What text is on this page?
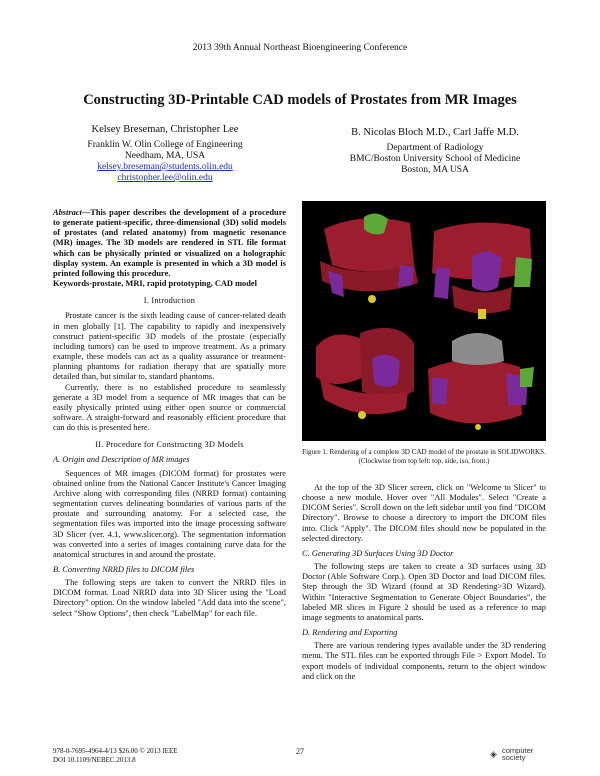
2013 39th Annual Northeast Bioengineering Conference
Constructing 3D-Printable CAD models of Prostates from MR Images
Kelsey Breseman, Christopher Lee
Franklin W. Olin College of Engineering
Needham, MA, USA
kelsey.breseman@students.olin.edu
christopher.lee@olin.edu
B. Nicolas Bloch M.D., Carl Jaffe M.D.
Department of Radiology
BMC/Boston University School of Medicine
Boston, MA USA

Abstract—This paper describes the development of a procedure to generate patient-specific, three-dimensional (3D) solid models of prostates (and related anatomy) from magnetic resonance (MR) images. The 3D models are rendered in STL file format which can be physically printed or visualized on a holographic display system. An example is presented in which a 3D model is printed following this procedure.

Keywords-prostate, MRI, rapid prototyping, CAD model

I. Introduction

Prostate cancer is the sixth leading cause of cancer-related death in men globally [1]. The capability to rapidly and inexpensively construct patient-specific 3D models of the prostate (especially including tumors) can be used to improve treatment. As a primary example, these models can act as a quality assurance or treatment-planning phantoms for radiation therapy that are spatially more detailed than, but similar to, standard phantoms.

Currently, there is no established procedure to seamlessly generate a 3D model from a sequence of MR images that can be easily physically printed using either open source or commercial software. A straight-forward and reasonably efficient procedure that can do this is presented here.

II. Procedure for Constructing 3D Models
A. Origin and Description of MR images

Sequences of MR images (DICOM format) for prostates were obtained online from the National Cancer Institute's Cancer Imaging Archive along with corresponding files (NRRD format) containing segmentation curves delineating boundaries of various parts of the prostate and surrounding anatomy. For a selected case, the segmentation files was imported into the image processing software 3D Slicer (ver. 4.1, www.slicer.org). The segmentation information was converted into a series of images containing curve data for the anatomical structures in and around the prostate.

B. Converting NRRD files to DICOM files

The following steps are taken to convert the NRRD files in DICOM format. Load NRRD data into 3D Slicer using the "Load Directory" option. On the window labeled "Add data into the scene", select "Show Options", then check "LabelMap" for each file.

Figure 1. Rendering of a complete 3D CAD model of the prostate in SOLIDWORKS. (Clockwise from top left: top, side, iso, front.)

At the top of the 3D Slicer screen, click on "Welcome to Slicer" to choose a new module. Hover over "All Modules". Select "Create a DICOM Series". Scroll down on the left sidebar until you find "DICOM Directory". Browse to choose a directory to import the DICOM files into. Click "Apply". The DICOM files should now be populated in the selected directory.

C. Generating 3D Surfaces Using 3D Doctor

The following steps are taken to create a 3D surfaces using 3D Doctor (Able Software Corp.). Open 3D Doctor and load DICOM files. Step through the 3D Wizard (found at 3D Rendering>3D Wizard). Within "Interactive Segmentation to Generate Object Boundaries", the labeled MR slices in Figure 2 should be used as a reference to map image segments to anatomical parts.

D. Rendering and Exporting

There are various rendering types available under the 3D rendering menu. The STL files can be exported through File > Export Model. To export models of individual components, return to the object window and click on the

978-0-7695-4964-4/13 $26.00 © 2013 IEEE
DOI 10.1109/NEBEC.2013.8
27	◈ computer
society
